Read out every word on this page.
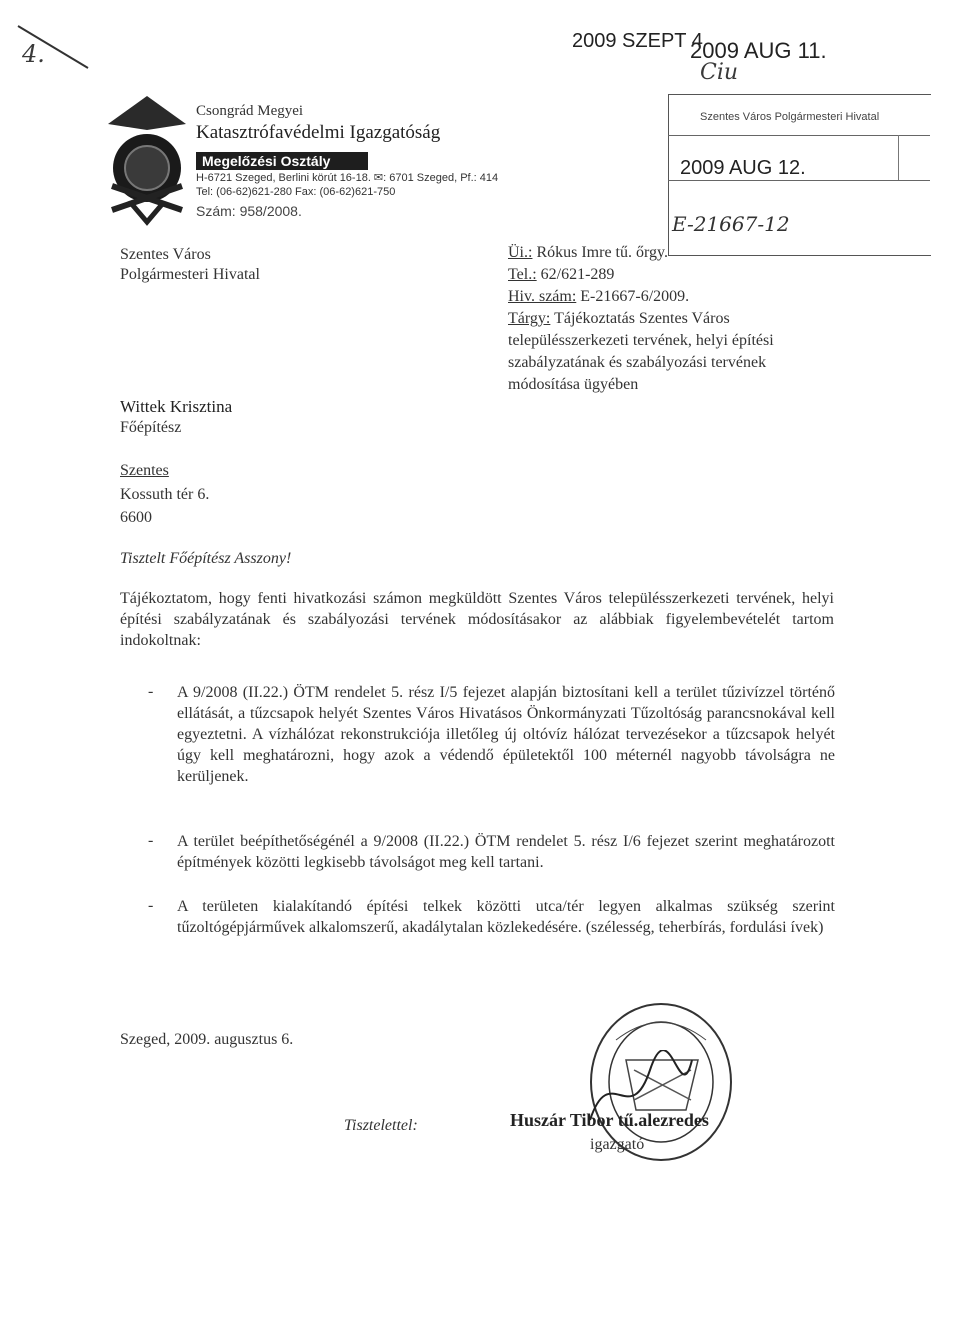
4.
Csongrád Megyei
Katasztrófavédelmi Igazgatóság
Megelőzési Osztály
H-6721 Szeged, Berlini körút 16-18. ✉: 6701 Szeged, Pf.: 414
Tel: (06-62)621-280 Fax: (06-62)621-750
Szám: 958/2008.
2009 SZEPT 4
2009 AUG 11.
Ciu
Szentes Város Polgármesteri Hivatal
2009 AUG 12.
E-21667-12
Szentes Város
Polgármesteri Hivatal
Wittek Krisztina
Főépítész
Szentes
Kossuth tér 6.
6600
Üi.: Rókus Imre tű. őrgy.
Tel.: 62/621-289
Hiv. szám: E-21667-6/2009.
Tárgy: Tájékoztatás Szentes Város
településszerkezeti tervének, helyi építési
szabályzatának és szabályozási tervének
módosítása ügyében
Tisztelt Főépítész Asszony!
Tájékoztatom, hogy fenti hivatkozási számon megküldött Szentes Város településszerkezeti tervének, helyi építési szabályzatának és szabályozási tervének módosításakor az alábbiak figyelembevételét tartom indokoltnak:
- A 9/2008 (II.22.) ÖTM rendelet 5. rész I/5 fejezet alapján biztosítani kell a terület tűzivízzel történő ellátását, a tűzcsapok helyét Szentes Város Hivatásos Önkormányzati Tűzoltóság parancsnokával kell egyeztetni. A vízhálózat rekonstrukciója illetőleg új oltóvíz hálózat tervezésekor a tűzcsapok helyét úgy kell meghatározni, hogy azok a védendő épületektől 100 méternél nagyobb távolságra ne kerüljenek.
- A terület beépíthetőségénél a 9/2008 (II.22.) ÖTM rendelet 5. rész I/6 fejezet szerint meghatározott építmények közötti legkisebb távolságot meg kell tartani.
- A területen kialakítandó építési telkek közötti utca/tér legyen alkalmas szükség szerint tűzoltógépjárművek alkalomszerű, akadálytalan közlekedésére. (szélesség, teherbírás, fordulási ívek)
Szeged, 2009. augusztus 6.
Tisztelettel:	Huszár Tibor tű.alezredes
igazgató
